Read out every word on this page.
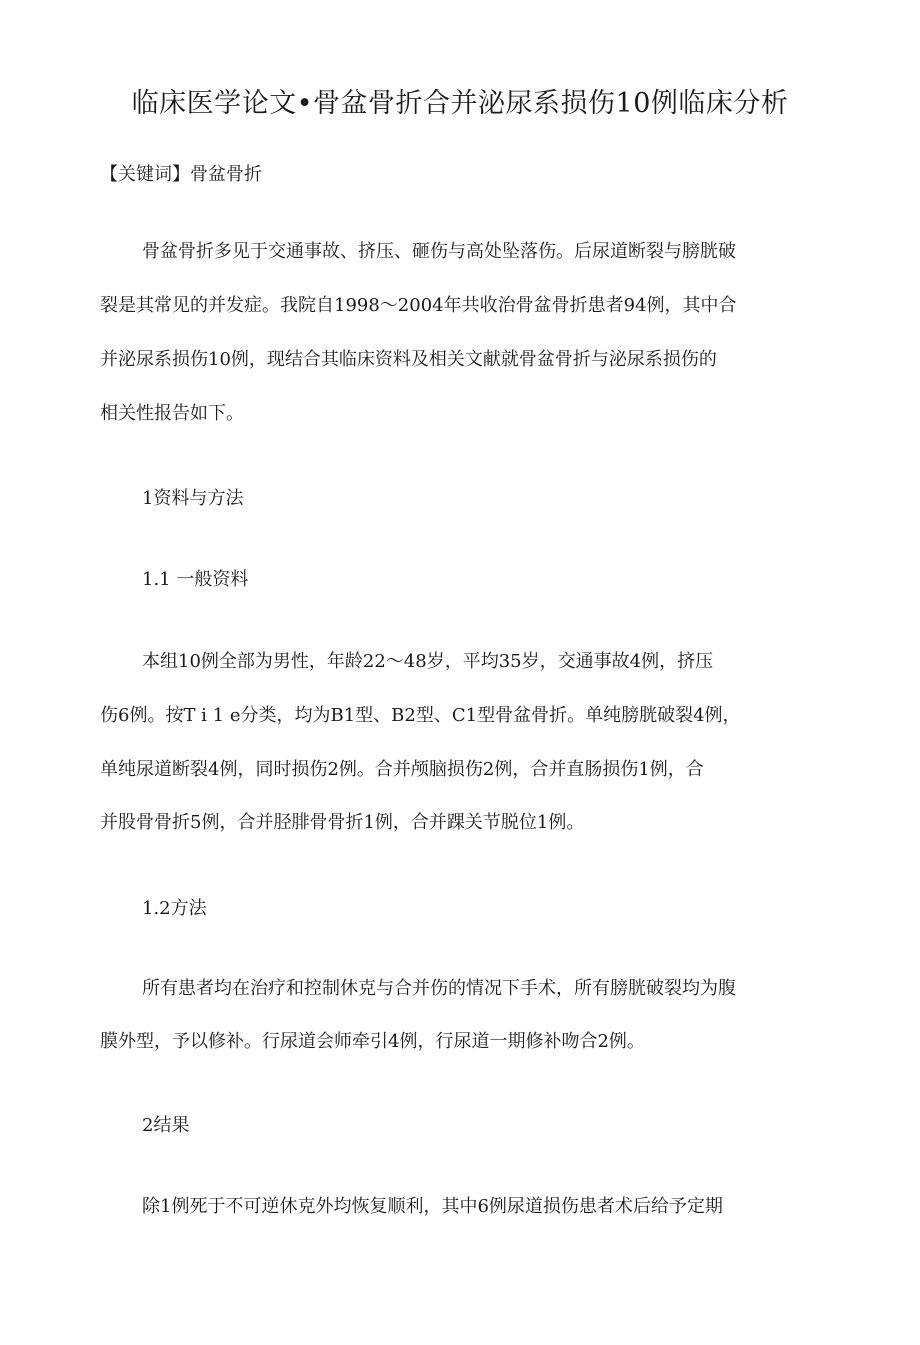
临床医学论文•骨盆骨折合并泌尿系损伤10例临床分析
【关键词】骨盆骨折
骨盆骨折多见于交通事故、挤压、砸伤与高处坠落伤。后尿道断裂与膀胱破
裂是其常见的并发症。我院自1998～2004年共收治骨盆骨折患者94例，其中合
并泌尿系损伤10例，现结合其临床资料及相关文献就骨盆骨折与泌尿系损伤的
相关性报告如下。
1资料与方法
1.1 一般资料
本组10例全部为男性，年龄22～48岁，平均35岁，交通事故4例，挤压
伤6例。按T i 1 e分类，均为B1型、B2型、C1型骨盆骨折。单纯膀胱破裂4例，
单纯尿道断裂4例，同时损伤2例。合并颅脑损伤2例，合并直肠损伤1例，合
并股骨骨折5例，合并胫腓骨骨折1例，合并踝关节脱位1例。
1.2方法
所有患者均在治疗和控制休克与合并伤的情况下手术，所有膀胱破裂均为腹
膜外型，予以修补。行尿道会师牵引4例，行尿道一期修补吻合2例。
2结果
除1例死于不可逆休克外均恢复顺利，其中6例尿道损伤患者术后给予定期
